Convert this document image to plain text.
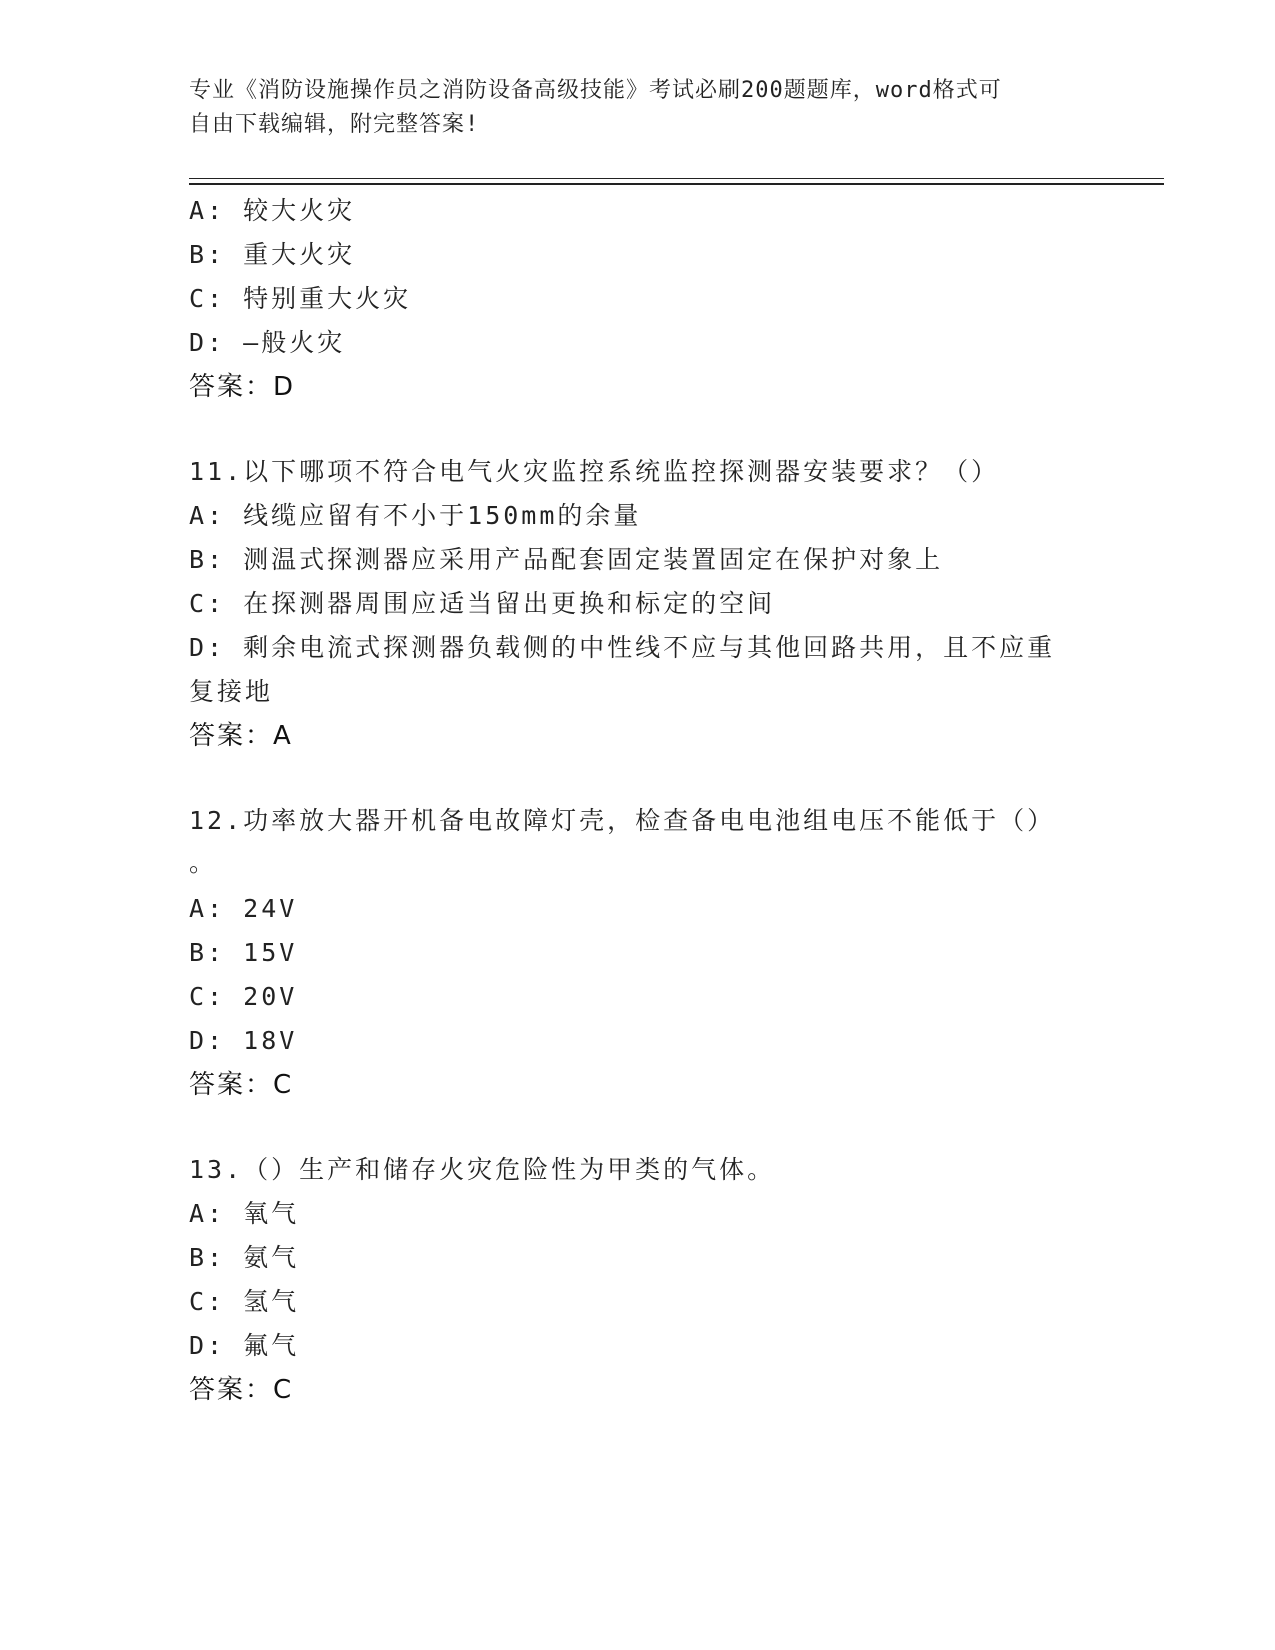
专业《消防设施操作员之消防设备高级技能》考试必刷200题题库，word格式可
自由下载编辑，附完整答案!
A: 较大火灾
B: 重大火灾
C: 特别重大火灾
D: —般火灾
答案：D
11.以下哪项不符合电气火灾监控系统监控探测器安装要求？（）
A: 线缆应留有不小于150mm的余量
B: 测温式探测器应采用产品配套固定装置固定在保护对象上
C: 在探测器周围应适当留出更换和标定的空间
D: 剩余电流式探测器负载侧的中性线不应与其他回路共用，且不应重
复接地
答案：A
12.功率放大器开机备电故障灯壳，检查备电电池组电压不能低于（）
。
A: 24V
B: 15V
C: 20V
D: 18V
答案：C
13.（）生产和储存火灾危险性为甲类的气体。
A: 氧气
B: 氨气
C: 氢气
D: 氟气
答案：C
